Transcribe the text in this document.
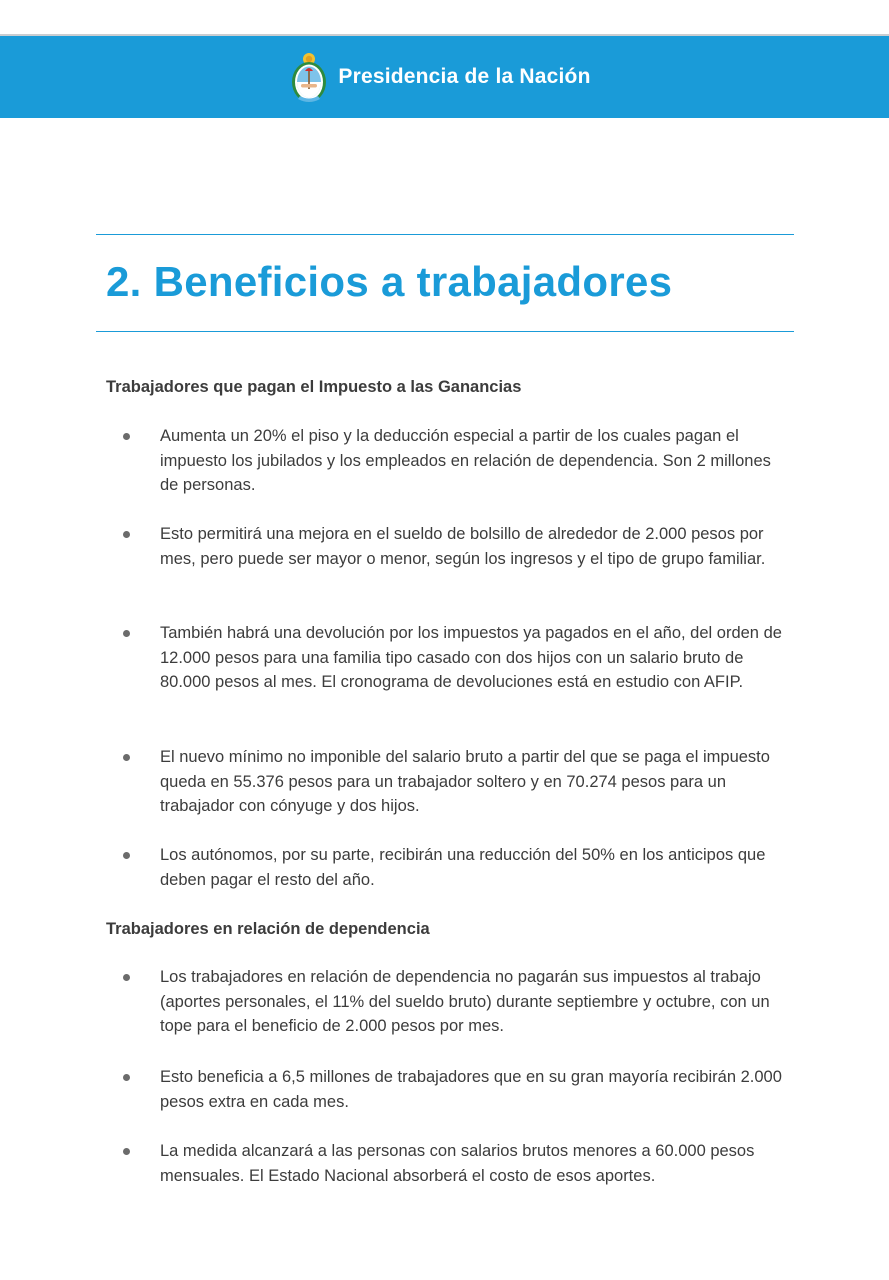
Presidencia de la Nación
2. Beneficios a trabajadores
Trabajadores que pagan el Impuesto a las Ganancias
Aumenta un 20% el piso y la deducción especial a partir de los cuales pagan el impuesto los jubilados y los empleados en relación de dependencia. Son 2 millones de personas.
Esto permitirá una mejora en el sueldo de bolsillo de alrededor de 2.000 pesos por mes, pero puede ser mayor o menor, según los ingresos y el tipo de grupo familiar.
También habrá una devolución por los impuestos ya pagados en el año, del orden de 12.000 pesos para una familia tipo casado con dos hijos con un salario bruto de 80.000 pesos al mes. El cronograma de devoluciones está en estudio con AFIP.
El nuevo mínimo no imponible del salario bruto a partir del que se paga el impuesto queda en 55.376 pesos para un trabajador soltero y en 70.274 pesos para un trabajador con cónyuge y dos hijos.
Los autónomos, por su parte, recibirán una reducción del 50% en los anticipos que deben pagar el resto del año.
Los trabajadores en relación de dependencia no pagarán sus impuestos al trabajo (aportes personales, el 11% del sueldo bruto) durante septiembre y octubre, con un tope para el beneficio de 2.000 pesos por mes.
Esto beneficia a 6,5 millones de trabajadores que en su gran mayoría recibirán 2.000 pesos extra en cada mes.
La medida alcanzará a las personas con salarios brutos menores a 60.000 pesos mensuales. El Estado Nacional absorberá el costo de esos aportes.
Trabajadores en relación de dependencia
